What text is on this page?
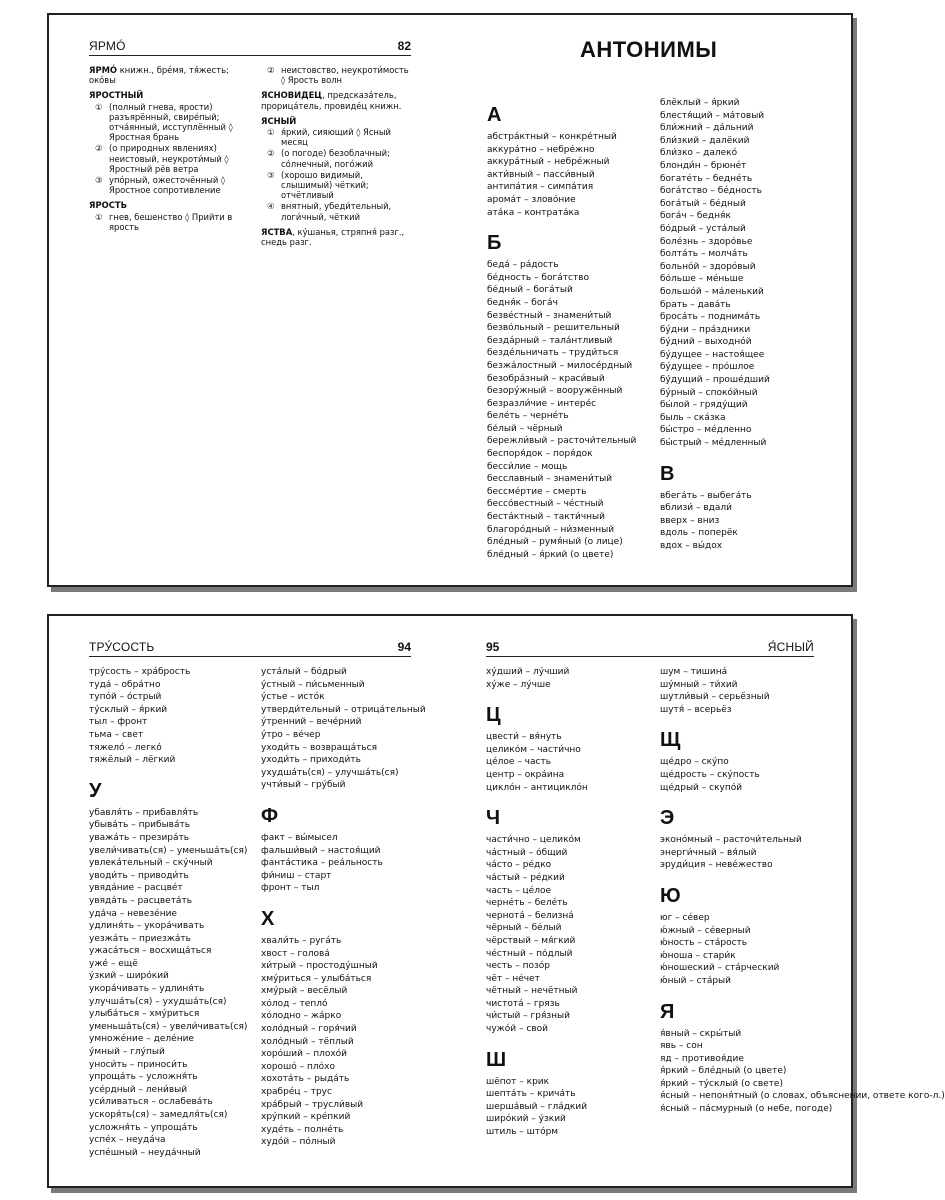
ЯРМÓ	82
ЯРМÓ книжн., брéмя, тя́жесть; око́вы
ЯРОСТНЫЙ
① (полный гнева, ярости) разъярённый, свирéпый; отча́янный, исступлённый ◊ Яростная брань
② (о природных явлениях) неистовый, неукроти́мый ◊ Яростный рёв ветра
③ упóрный, ожесточённый ◊ Яростное сопротивление
ЯРОСТЬ
① гнев, бешенство ◊ Прийти в ярость
② неистовство, неукроти́мость ◊ Ярость волн
ЯСНОВИДЕЦ, предсказа́тель, прорица́тель, провидéц книжн.
ЯСНЫЙ
① я́ркий, сияющий ◊ Ясный месяц
② (о погоде) безоблачный; со́лнечный, погóжий
③ (хорошо видимый, слышимый) чёткий; отчётливый
④ внятный, убеди́тельный, логи́чный, чёткий
ЯСТВА, кýшанья, стряпня́ разг., снедь разг.
АНТОНИМЫ
А
абстра́ктный – конкрéтный
аккура́тно – небрéжно
аккура́тный – небрéжный
акти́вный – пасси́вный
антипа́тия – симпа́тия
арома́т – зловóние
ата́ка – контрата́ка
Б
беда́ – ра́дость
бéдность – бога́тство
бéдный – бога́тый
бедня́к – бога́ч
безвéстный – знамени́тый
безвóльный – решительный
безда́рный – тала́нтливый
безде́льничать – труди́ться
безжа́лостный – милосе́рдный
безобра́зный – краси́вый
безору́жный – вооружённый
безразли́чие – интере́с
беле́ть – черне́ть
бе́лый – чёрный
бережли́вый – расточи́тельный
беспоря́док – поря́док
бесси́лие – мощь
бесславный – знамени́тый
бессмéртие – смерть
бессо́вестный – чéстный
беста́ктный – такти́чный
благорóдный – ни́зменный
блéдный – румя́ный (о лице)
блéдный – я́ркий (о цвете)
блёклый – я́ркий
блестя́щий – ма́товый
бли́жний – да́льний
бли́зкий – далёкий
бли́зко – далеко́
блонди́н – брюнéт
богатéть – беднéть
бога́тство – бéдность
бога́тый – бéдный
бога́ч – бедня́к
бóдрый – уста́лый
болéзнь – здорóвье
болта́ть – молча́ть
больнóй – здорóвый
бóльше – мéньше
большóй – ма́ленький
брать – дава́ть
броса́ть – поднима́ть
бу́дни – пра́здники
бу́дний – выходнóй
бу́дущее – настоя́щее
бу́дущее – прóшлое
бу́дущий – прошéдший
бу́рный – споко́йный
бы́лой – гряду́щий
быль – ска́зка
бы́стро – мéдленно
бы́стрый – мéдленный
В
вбега́ть – выбега́ть
вблизи́ – вдали́
вверх – вниз
вдоль – поперёк
вдох – вы́дох
ТРУ́СОСТЬ	94
тру́сость – хра́брость
туда́ – обра́тно
тупóй – óстрый
ту́склый – я́ркий
тыл – фронт
тьма – свет
тяжело́ – легко́
тяжёлый – лёгкий
У
убавля́ть – прибавля́ть
убыва́ть – прибыва́ть
уважа́ть – презира́ть
увели́чивать(ся) – уменьша́ть(ся)
увлека́тельный – ску́чный
уводи́ть – приводи́ть
увяда́ние – расцвéт
увяда́ть – расцвета́ть
уда́ча – невезéние
удлиня́ть – укора́чивать
уезжа́ть – приезжа́ть
ужаса́ться – восхища́ться
уже́ – ещё
у́зкий – широ́кий
укора́чивать – удлиня́ть
улучша́ть(ся) – ухудша́ть(ся)
улыба́ться – хму́риться
уменьша́ть(ся) – увели́чивать(ся)
умножéние – делéние
у́мный – глу́пый
уноси́ть – приноси́ть
упроща́ть – усложня́ть
усéрдный – лени́вый
уси́ливаться – ослабева́ть
ускоря́ть(ся) – замедля́ть(ся)
усложня́ть – упроща́ть
успéх – неуда́ча
успéшный – неуда́чный
уста́лый – бóдрый
у́стный – пи́сьменный
у́стье – истóк
утверди́тельный – отрица́тельный
у́тренний – вечéрний
у́тро – вéчер
уходи́ть – возвраща́ться
уходи́ть – приходи́ть
ухудша́ть(ся) – улучша́ть(ся)
учти́вый – гру́бый
Ф
факт – вы́мысел
фальши́вый – настоя́щий
фанта́стика – реа́льность
фи́ниш – старт
фронт – тыл
Х
хвали́ть – руга́ть
хвост – голова́
хи́трый – простоду́шный
хму́риться – улыба́ться
хму́рый – весёлый
хóлод – тепло́
хóлодно – жа́рко
холóдный – горя́чий
холóдный – тёплый
хорóший – плохóй
хорошó – плóхо
хохота́ть – рыда́ть
храбрéц – трус
хра́брый – трусли́вый
хру́пкий – крéпкий
худéть – полнéть
худóй – пóлный
95	Я́СНЫЙ
ху́дший – лу́чший
ху́же – лу́чше
Ц
цвести́ – вя́нуть
целикóм – части́чно
цéлое – часть
центр – окра́ина
циклóн – антициклóн
Ч
части́чно – целикóм
ча́стный – óбщий
ча́сто – рéдко
ча́стый – рéдкий
часть – цéлое
чернéть – белéть
чернота́ – белизна́
чёрный – бéлый
чёрствый – мя́гкий
чéстный – пóдлый
честь – позóр
чёт – нéчет
чётный – нечётный
чистота́ – грязь
чи́стый – гря́зный
чужóй – свой
Ш
шёпот – крик
шепта́ть – крича́ть
шерша́вый – гла́дкий
ширóкий – у́зкий
штиль – штóрм
шум – тишина́
шу́мный – ти́хий
шутли́вый – серьёзный
шутя́ – всерьёз
Щ
щéдро – ску́по
щéдрость – ску́пость
щéдрый – скупóй
Э
эконóмный – расточи́тельный
энерги́чный – вя́лый
эруди́ция – невéжество
Ю
юг – сéвер
ю́жный – сéверный
ю́ность – ста́рость
ю́ноша – стари́к
ю́ношеский – ста́рческий
ю́ный – ста́рый
Я
я́вный – скры́тый
явь – сон
яд – противоя́дие
я́ркий – блéдный (о цвете)
я́ркий – ту́склый (о свете)
я́сный – непоня́тный (о словах, объяснении, ответе кого-л.)
я́сный – па́смурный (о небе, погоде)
